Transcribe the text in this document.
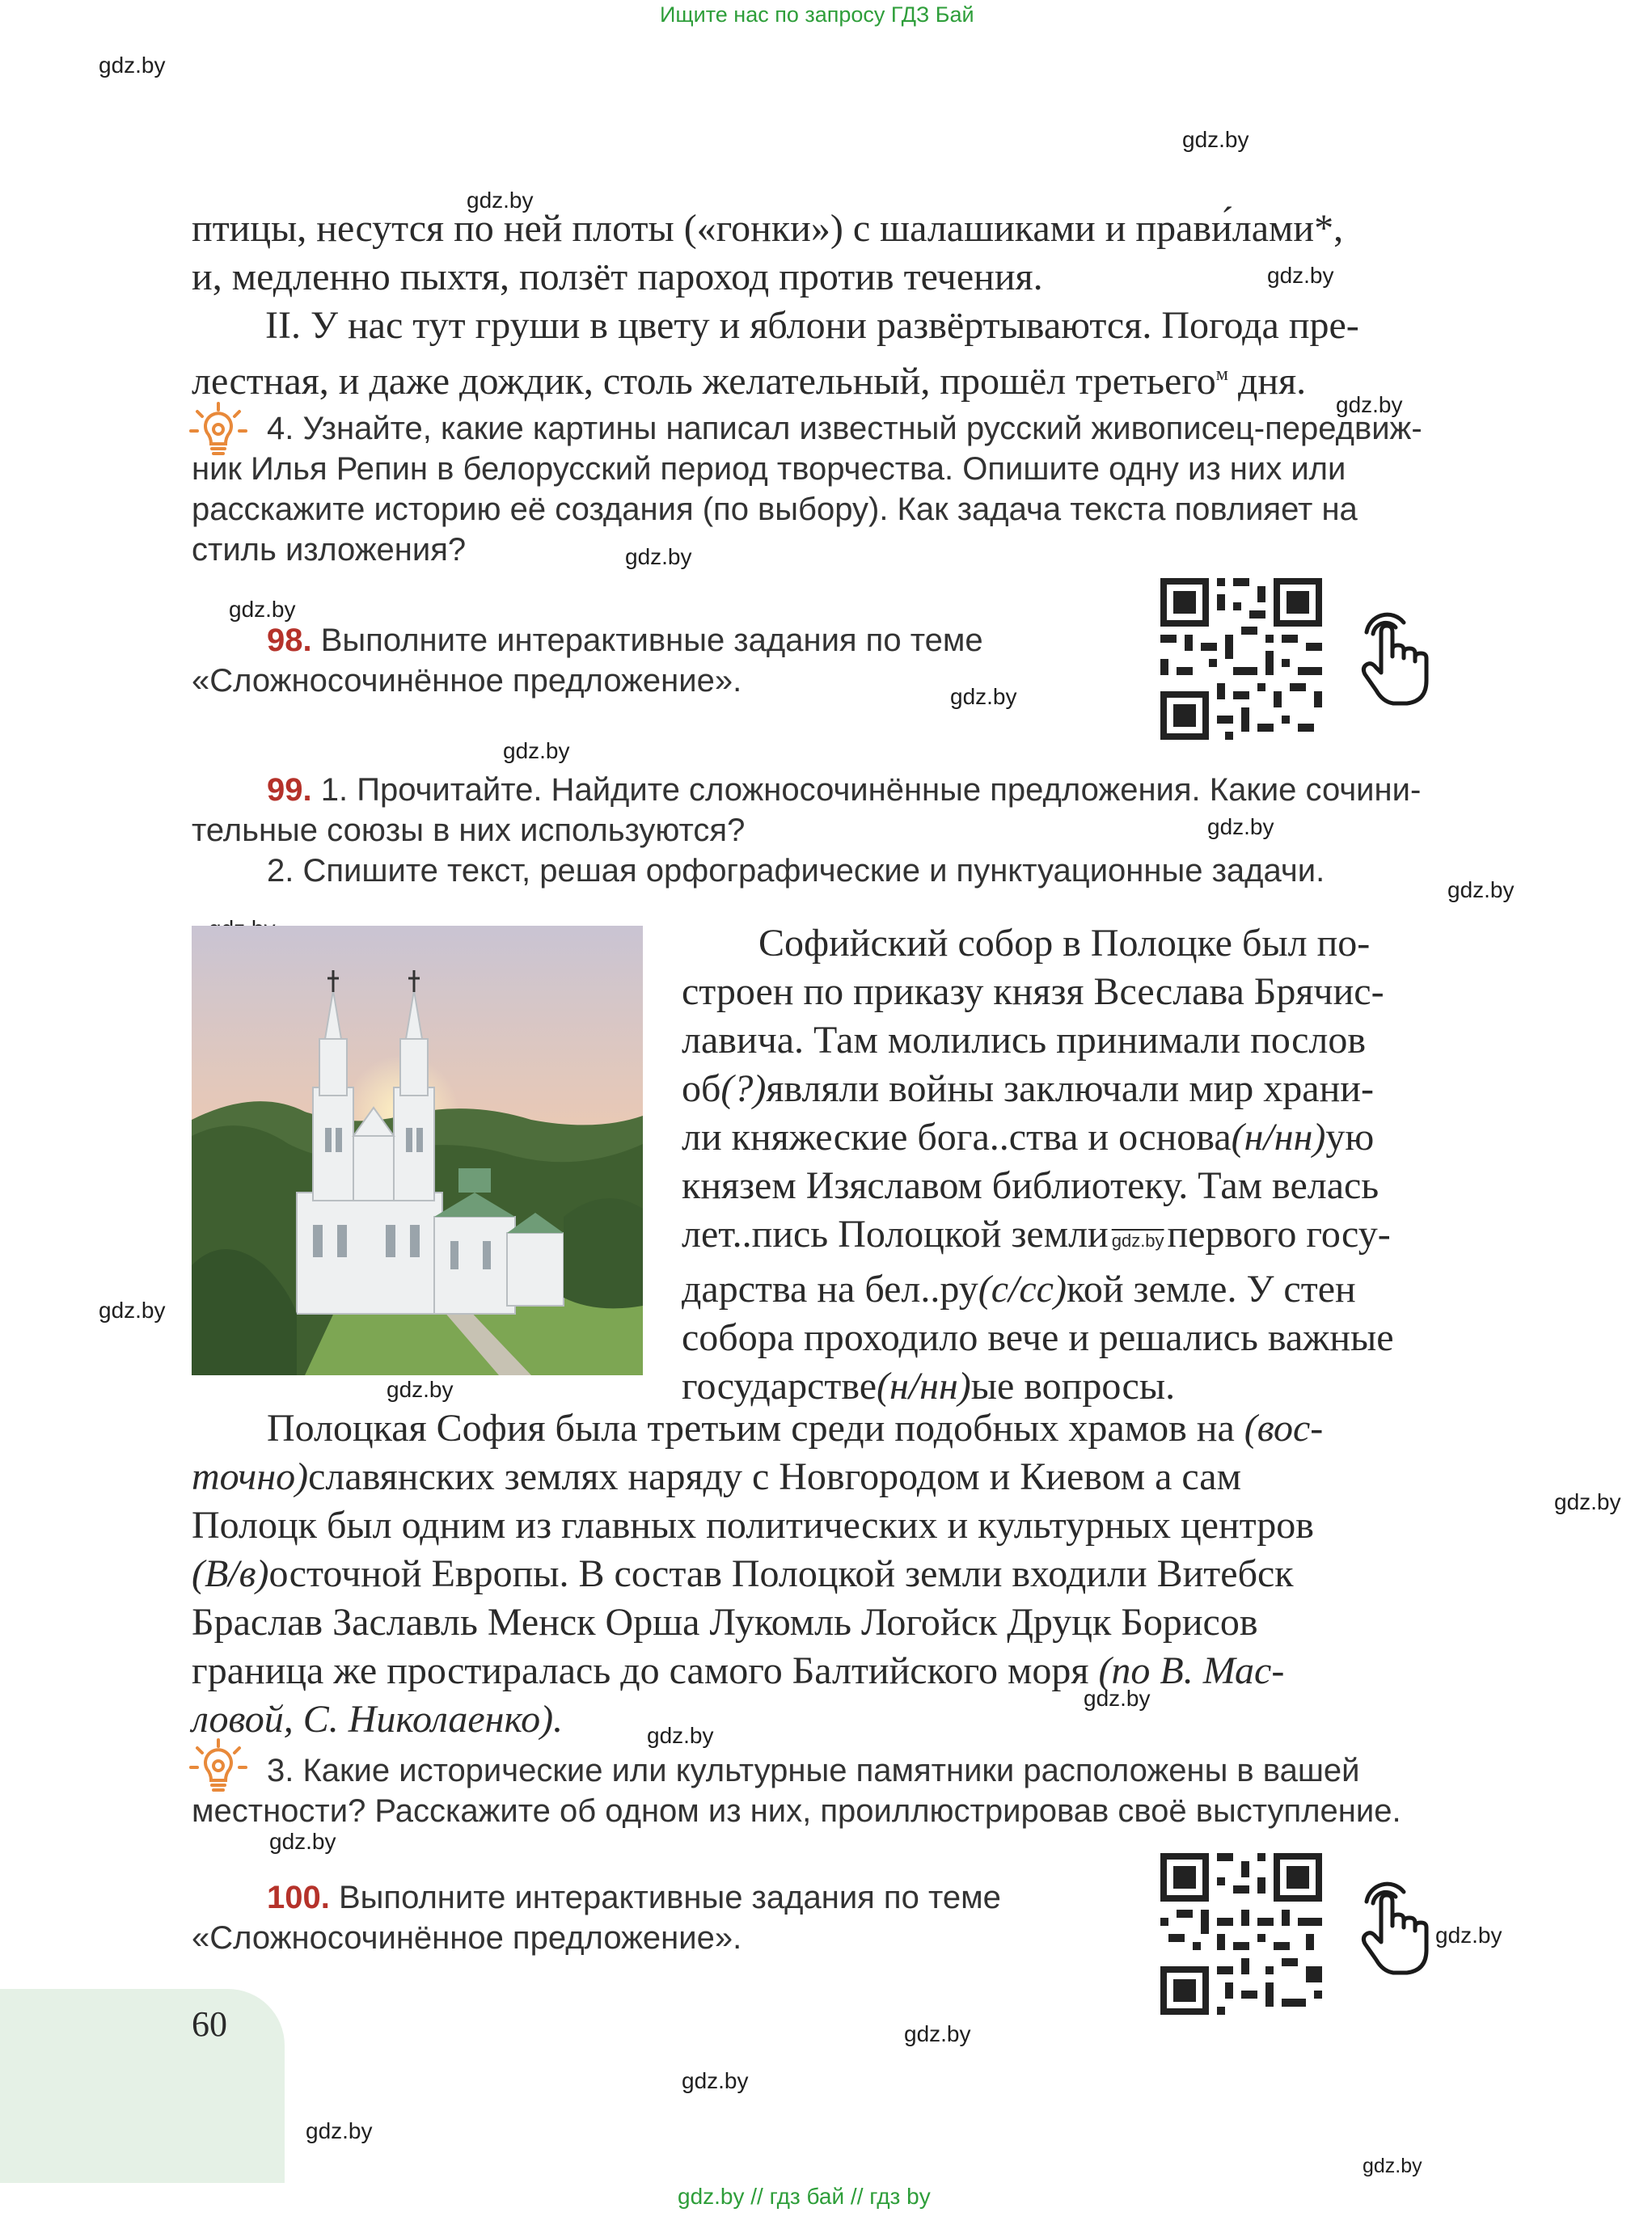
Ищите нас по запросу ГДЗ Бай
gdz.by
gdz.by
gdz.by
gdz.by
gdz.by
gdz.by
gdz.by
gdz.by
gdz.by
gdz.by
gdz.by
gdz.by
gdz.by
gdz.by
gdz.by
gdz.by
gdz.by
gdz.by
gdz.by
gdz.by
gdz.by
gdz.by
птицы, несутся по ней плоты («гонки») с шалашиками и прави́лами*,
и, медленно пыхтя, ползёт пароход против течения.
II. У нас тут груши в цвету и яблони развёртываются. Погода пре-
лестная, и даже дождик, столь желательный, прошёл третьего$^м$ дня.
4. Узнайте, какие картины написал известный русский живописец-передвиж-
ник Илья Репин в белорусский период творчества. Опишите одну из них или
расскажите историю её создания (по выбору). Как задача текста повлияет на
стиль изложения?
98. Выполните интерактивные задания по теме
«Сложносочинённое предложение».
99. 1. Прочитайте. Найдите сложносочинённые предложения. Какие сочини-
тельные союзы в них используются?
2. Спишите текст, решая орфографические и пунктуационные задачи.
Софийский собор в Полоцке был по-
строен по приказу князя Всеслава Брячис-
лавича. Там молились принимали послов
об(?)являли войны заключали мир храни-
ли княжеские бога..ства и основа(н/нн)ую
князем Изяславом библиотеку. Там велась
лет..пись Полоцкой земли gdz.byпервого госу-
дарства на бел..ру(с/сс)кой земле. У стен
собора проходило вече и решались важные
государстве(н/нн)ые вопросы.
Полоцкая София была третьим среди подобных храмов на (вос-
точно)славянских землях наряду с Новгородом и Киевом а сам
Полоцк был одним из главных политических и культурных центров
(В/в)осточной Европы. В состав Полоцкой земли входили Витебск
Браслав Заславль Менск Орша Лукомль Логойск Друцк Борисов
граница же простиралась до самого Балтийского моря (по В. Мас-
ловой, С. Николаенко).
3. Какие исторические или культурные памятники расположены в вашей
местности? Расскажите об одном из них, проиллюстрировав своё выступление.
100. Выполните интерактивные задания по теме
«Сложносочинённое предложение».
60
gdz.by // гдз бай // гдз by
